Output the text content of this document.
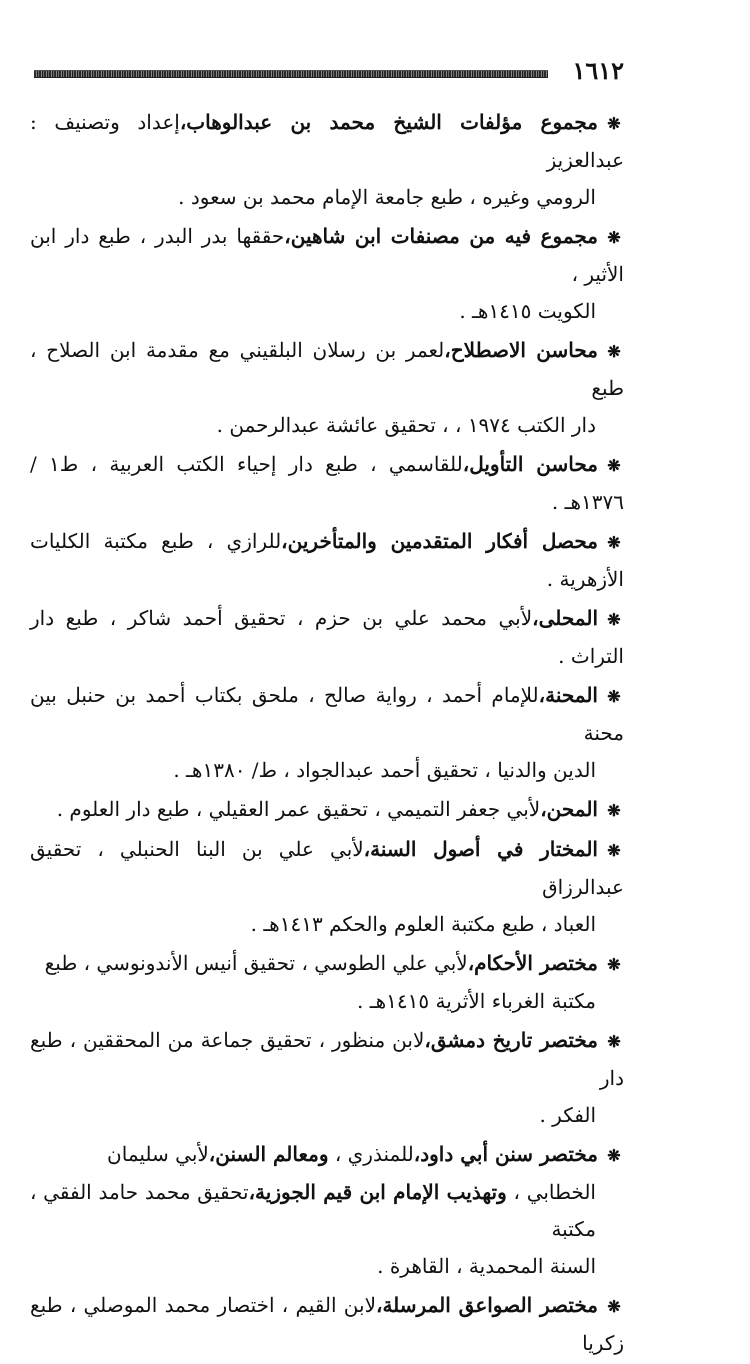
١٦١٢
❋مجموع مؤلفات الشيخ محمد بن عبدالوهاب،إعداد وتصنيف : عبدالعزيز
الرومي وغيره ، طبع جامعة الإمام محمد بن سعود .
❋مجموع فيه من مصنفات ابن شاهين،حققها بدر البدر ، طبع دار ابن الأثير ،
الكويت ١٤١٥هـ .
❋محاسن الاصطلاح،لعمر بن رسلان البلقيني مع مقدمة ابن الصلاح ، طبع
دار الكتب ١٩٧٤ ، ، تحقيق عائشة عبدالرحمن .
❋محاسن التأويل،للقاسمي ، طبع دار إحياء الكتب العربية ، ط١ / ١٣٧٦هـ .
❋محصل أفكار المتقدمين والمتأخرين،للرازي ، طبع مكتبة الكليات الأزهرية .
❋المحلى،لأبي محمد علي بن حزم ، تحقيق أحمد شاكر ، طبع دار التراث .
❋المحنة،للإمام أحمد ، رواية صالح ، ملحق بكتاب أحمد بن حنبل بين محنة
الدين والدنيا ، تحقيق أحمد عبدالجواد ، ط/ ١٣٨٠هـ .
❋المحن،لأبي جعفر التميمي ، تحقيق عمر العقيلي ، طبع دار العلوم .
❋المختار في أصول السنة،لأبي علي بن البنا الحنبلي ، تحقيق عبدالرزاق
العباد ، طبع مكتبة العلوم والحكم ١٤١٣هـ .
❋مختصر الأحكام،لأبي علي الطوسي ، تحقيق أنيس الأندونوسي ، طبع
مكتبة الغرباء الأثرية ١٤١٥هـ .
❋مختصر تاريخ دمشق،لابن منظور ، تحقيق جماعة من المحققين ، طبع دار
الفكر .
❋مختصر سنن أبي داود،للمنذري ، ومعالم السنن،لأبي سليمان
الخطابي ، وتهذيب الإمام ابن قيم الجوزية،تحقيق محمد حامد الفقي ، مكتبة
السنة المحمدية ، القاهرة .
❋مختصر الصواعق المرسلة،لابن القيم ، اختصار محمد الموصلي ، طبع زكريا
